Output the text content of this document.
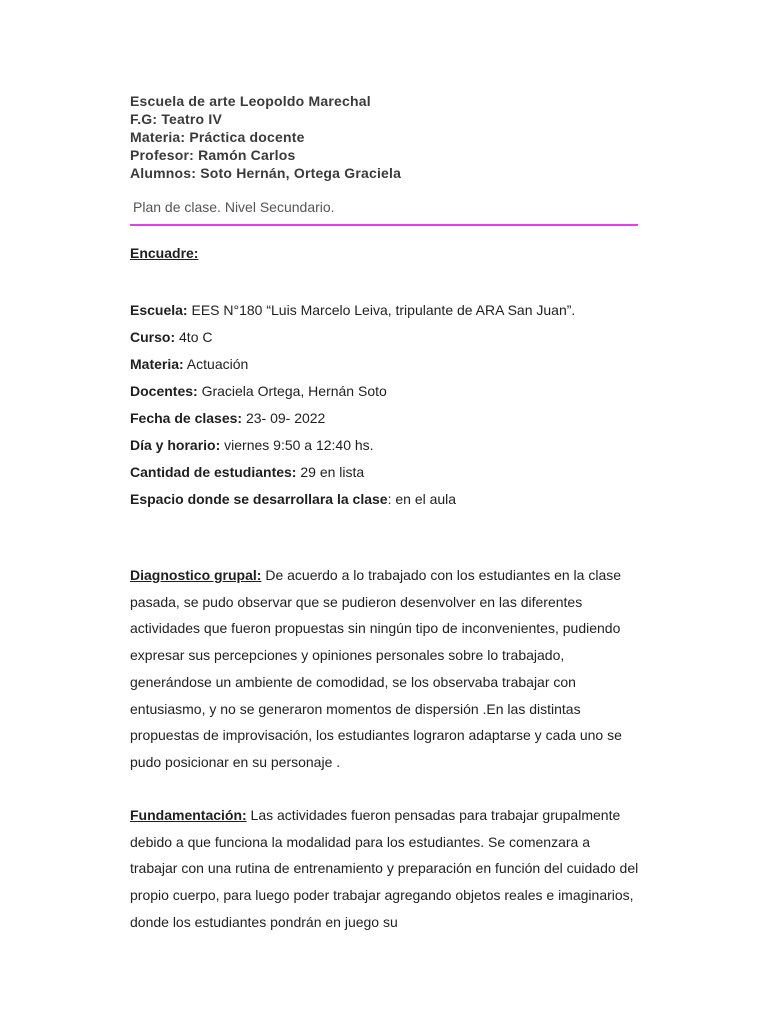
Escuela de arte Leopoldo Marechal
F.G: Teatro IV
Materia: Práctica docente
Profesor: Ramón Carlos
Alumnos: Soto Hernán, Ortega Graciela
Plan de clase. Nivel Secundario.
Encuadre:
Escuela: EES N°180 “Luis Marcelo Leiva, tripulante de ARA San Juan”.
Curso: 4to C
Materia: Actuación
Docentes: Graciela Ortega, Hernán Soto
Fecha de clases: 23- 09- 2022
Día y horario: viernes 9:50 a 12:40 hs.
Cantidad de estudiantes: 29 en lista
Espacio donde se desarrollara la clase: en el aula
Diagnostico grupal: De acuerdo a lo trabajado con los estudiantes en la clase pasada, se pudo observar que se pudieron desenvolver en las diferentes actividades que fueron propuestas sin ningún tipo de inconvenientes, pudiendo expresar sus percepciones y opiniones personales sobre lo trabajado, generándose un ambiente de comodidad, se los observaba trabajar con entusiasmo, y no se generaron momentos de dispersión .En las distintas propuestas de improvisación, los estudiantes lograron adaptarse y cada uno se pudo posicionar en su personaje .
Fundamentación: Las actividades fueron pensadas para trabajar grupalmente debido a que funciona la modalidad para los estudiantes. Se comenzara a trabajar con una rutina de entrenamiento y preparación en función del cuidado del propio cuerpo, para luego poder trabajar agregando objetos reales e imaginarios, donde los estudiantes pondrán en juego su
